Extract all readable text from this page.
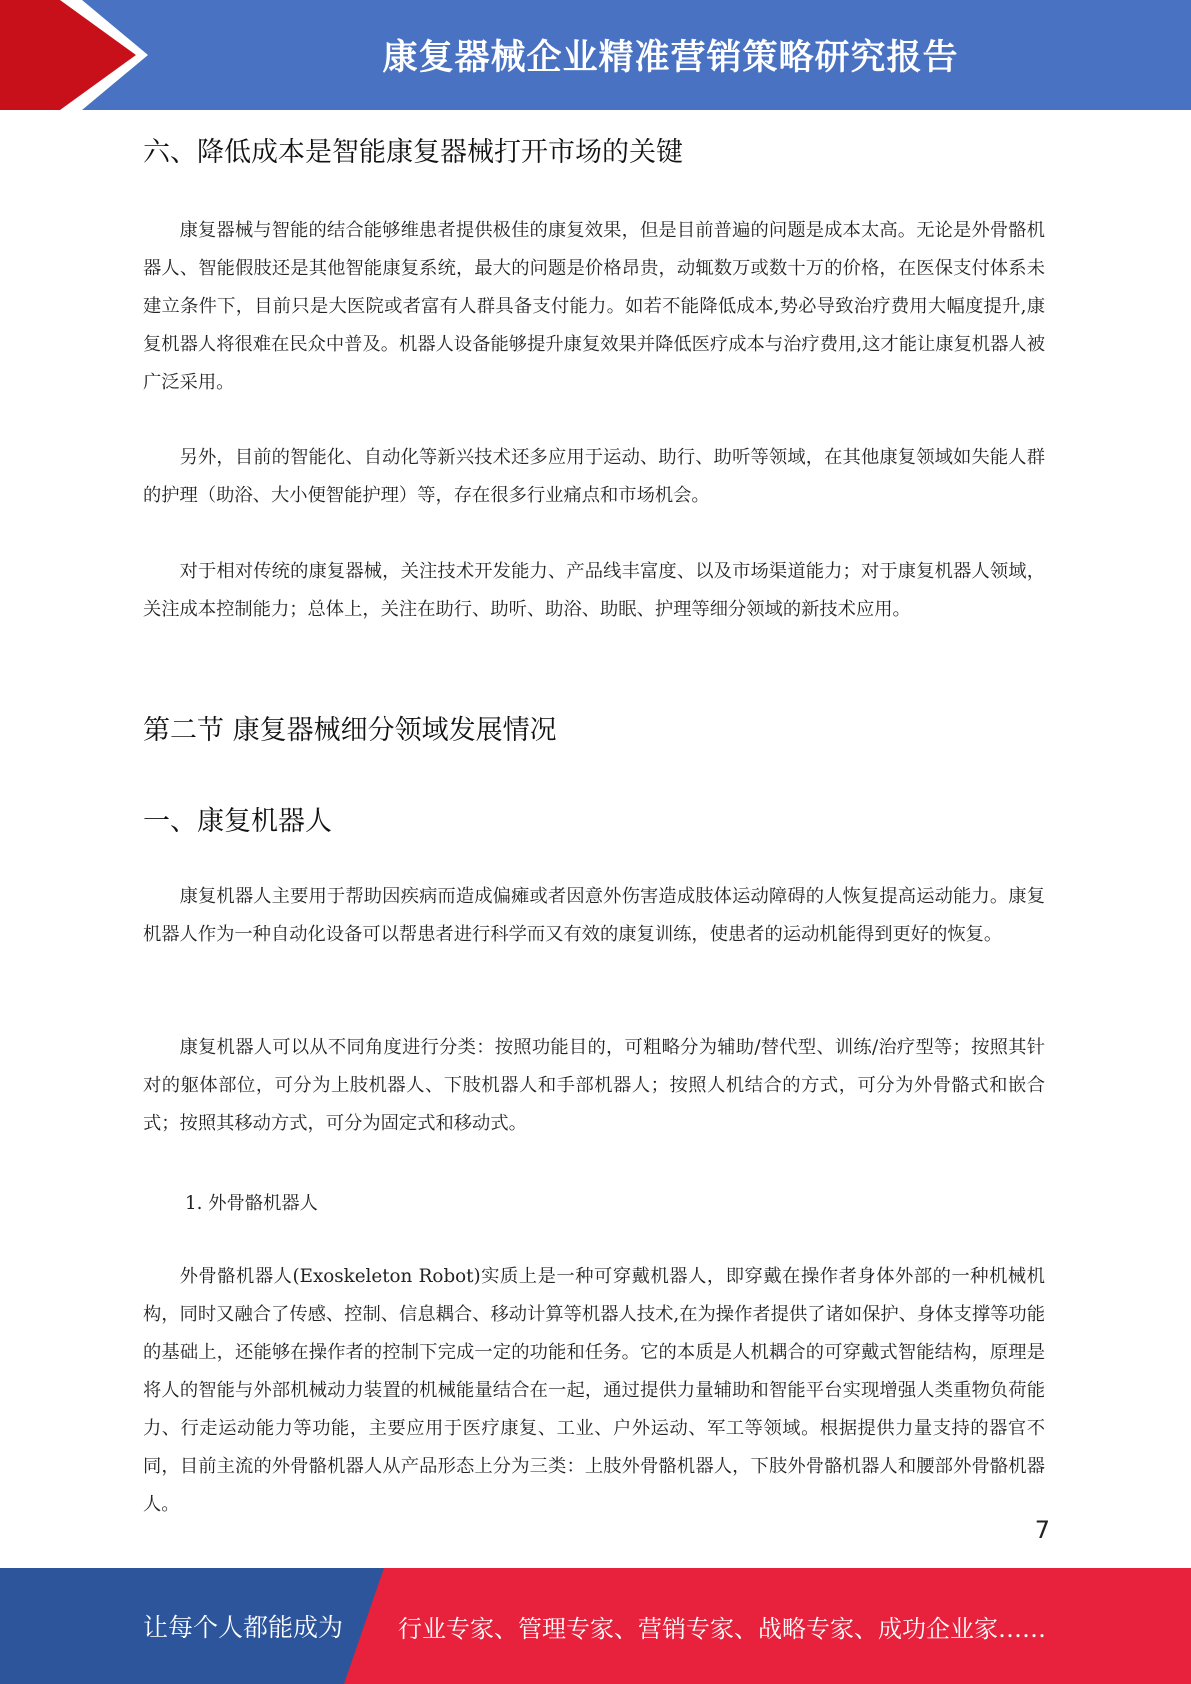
康复器械企业精准营销策略研究报告
六、降低成本是智能康复器械打开市场的关键

康复器械与智能的结合能够维患者提供极佳的康复效果，但是目前普遍的问题是成本太高。无论是外骨骼机器人、智能假肢还是其他智能康复系统，最大的问题是价格昂贵，动辄数万或数十万的价格，在医保支付体系未建立条件下，目前只是大医院或者富有人群具备支付能力。如若不能降低成本,势必导致治疗费用大幅度提升,康复机器人将很难在民众中普及。机器人设备能够提升康复效果并降低医疗成本与治疗费用,这才能让康复机器人被广泛采用。

另外，目前的智能化、自动化等新兴技术还多应用于运动、助行、助听等领域，在其他康复领域如失能人群的护理（助浴、大小便智能护理）等，存在很多行业痛点和市场机会。

对于相对传统的康复器械，关注技术开发能力、产品线丰富度、以及市场渠道能力；对于康复机器人领域，关注成本控制能力；总体上，关注在助行、助听、助浴、助眠、护理等细分领域的新技术应用。

第二节 康复器械细分领域发展情况
一、康复机器人

康复机器人主要用于帮助因疾病而造成偏瘫或者因意外伤害造成肢体运动障碍的人恢复提高运动能力。康复机器人作为一种自动化设备可以帮患者进行科学而又有效的康复训练，使患者的运动机能得到更好的恢复。

康复机器人可以从不同角度进行分类：按照功能目的，可粗略分为辅助/替代型、训练/治疗型等；按照其针对的躯体部位，可分为上肢机器人、下肢机器人和手部机器人；按照人机结合的方式，可分为外骨骼式和嵌合式；按照其移动方式，可分为固定式和移动式。

1. 外骨骼机器人

外骨骼机器人(Exoskeleton Robot)实质上是一种可穿戴机器人，即穿戴在操作者身体外部的一种机械机构，同时又融合了传感、控制、信息耦合、移动计算等机器人技术,在为操作者提供了诸如保护、身体支撑等功能的基础上，还能够在操作者的控制下完成一定的功能和任务。它的本质是人机耦合的可穿戴式智能结构，原理是将人的智能与外部机械动力装置的机械能量结合在一起，通过提供力量辅助和智能平台实现增强人类重物负荷能力、行走运动能力等功能，主要应用于医疗康复、工业、户外运动、军工等领域。根据提供力量支持的器官不同，目前主流的外骨骼机器人从产品形态上分为三类：上肢外骨骼机器人，下肢外骨骼机器人和腰部外骨骼机器人。

7
让每个人都能成为 行业专家、管理专家、营销专家、战略专家、成功企业家……
